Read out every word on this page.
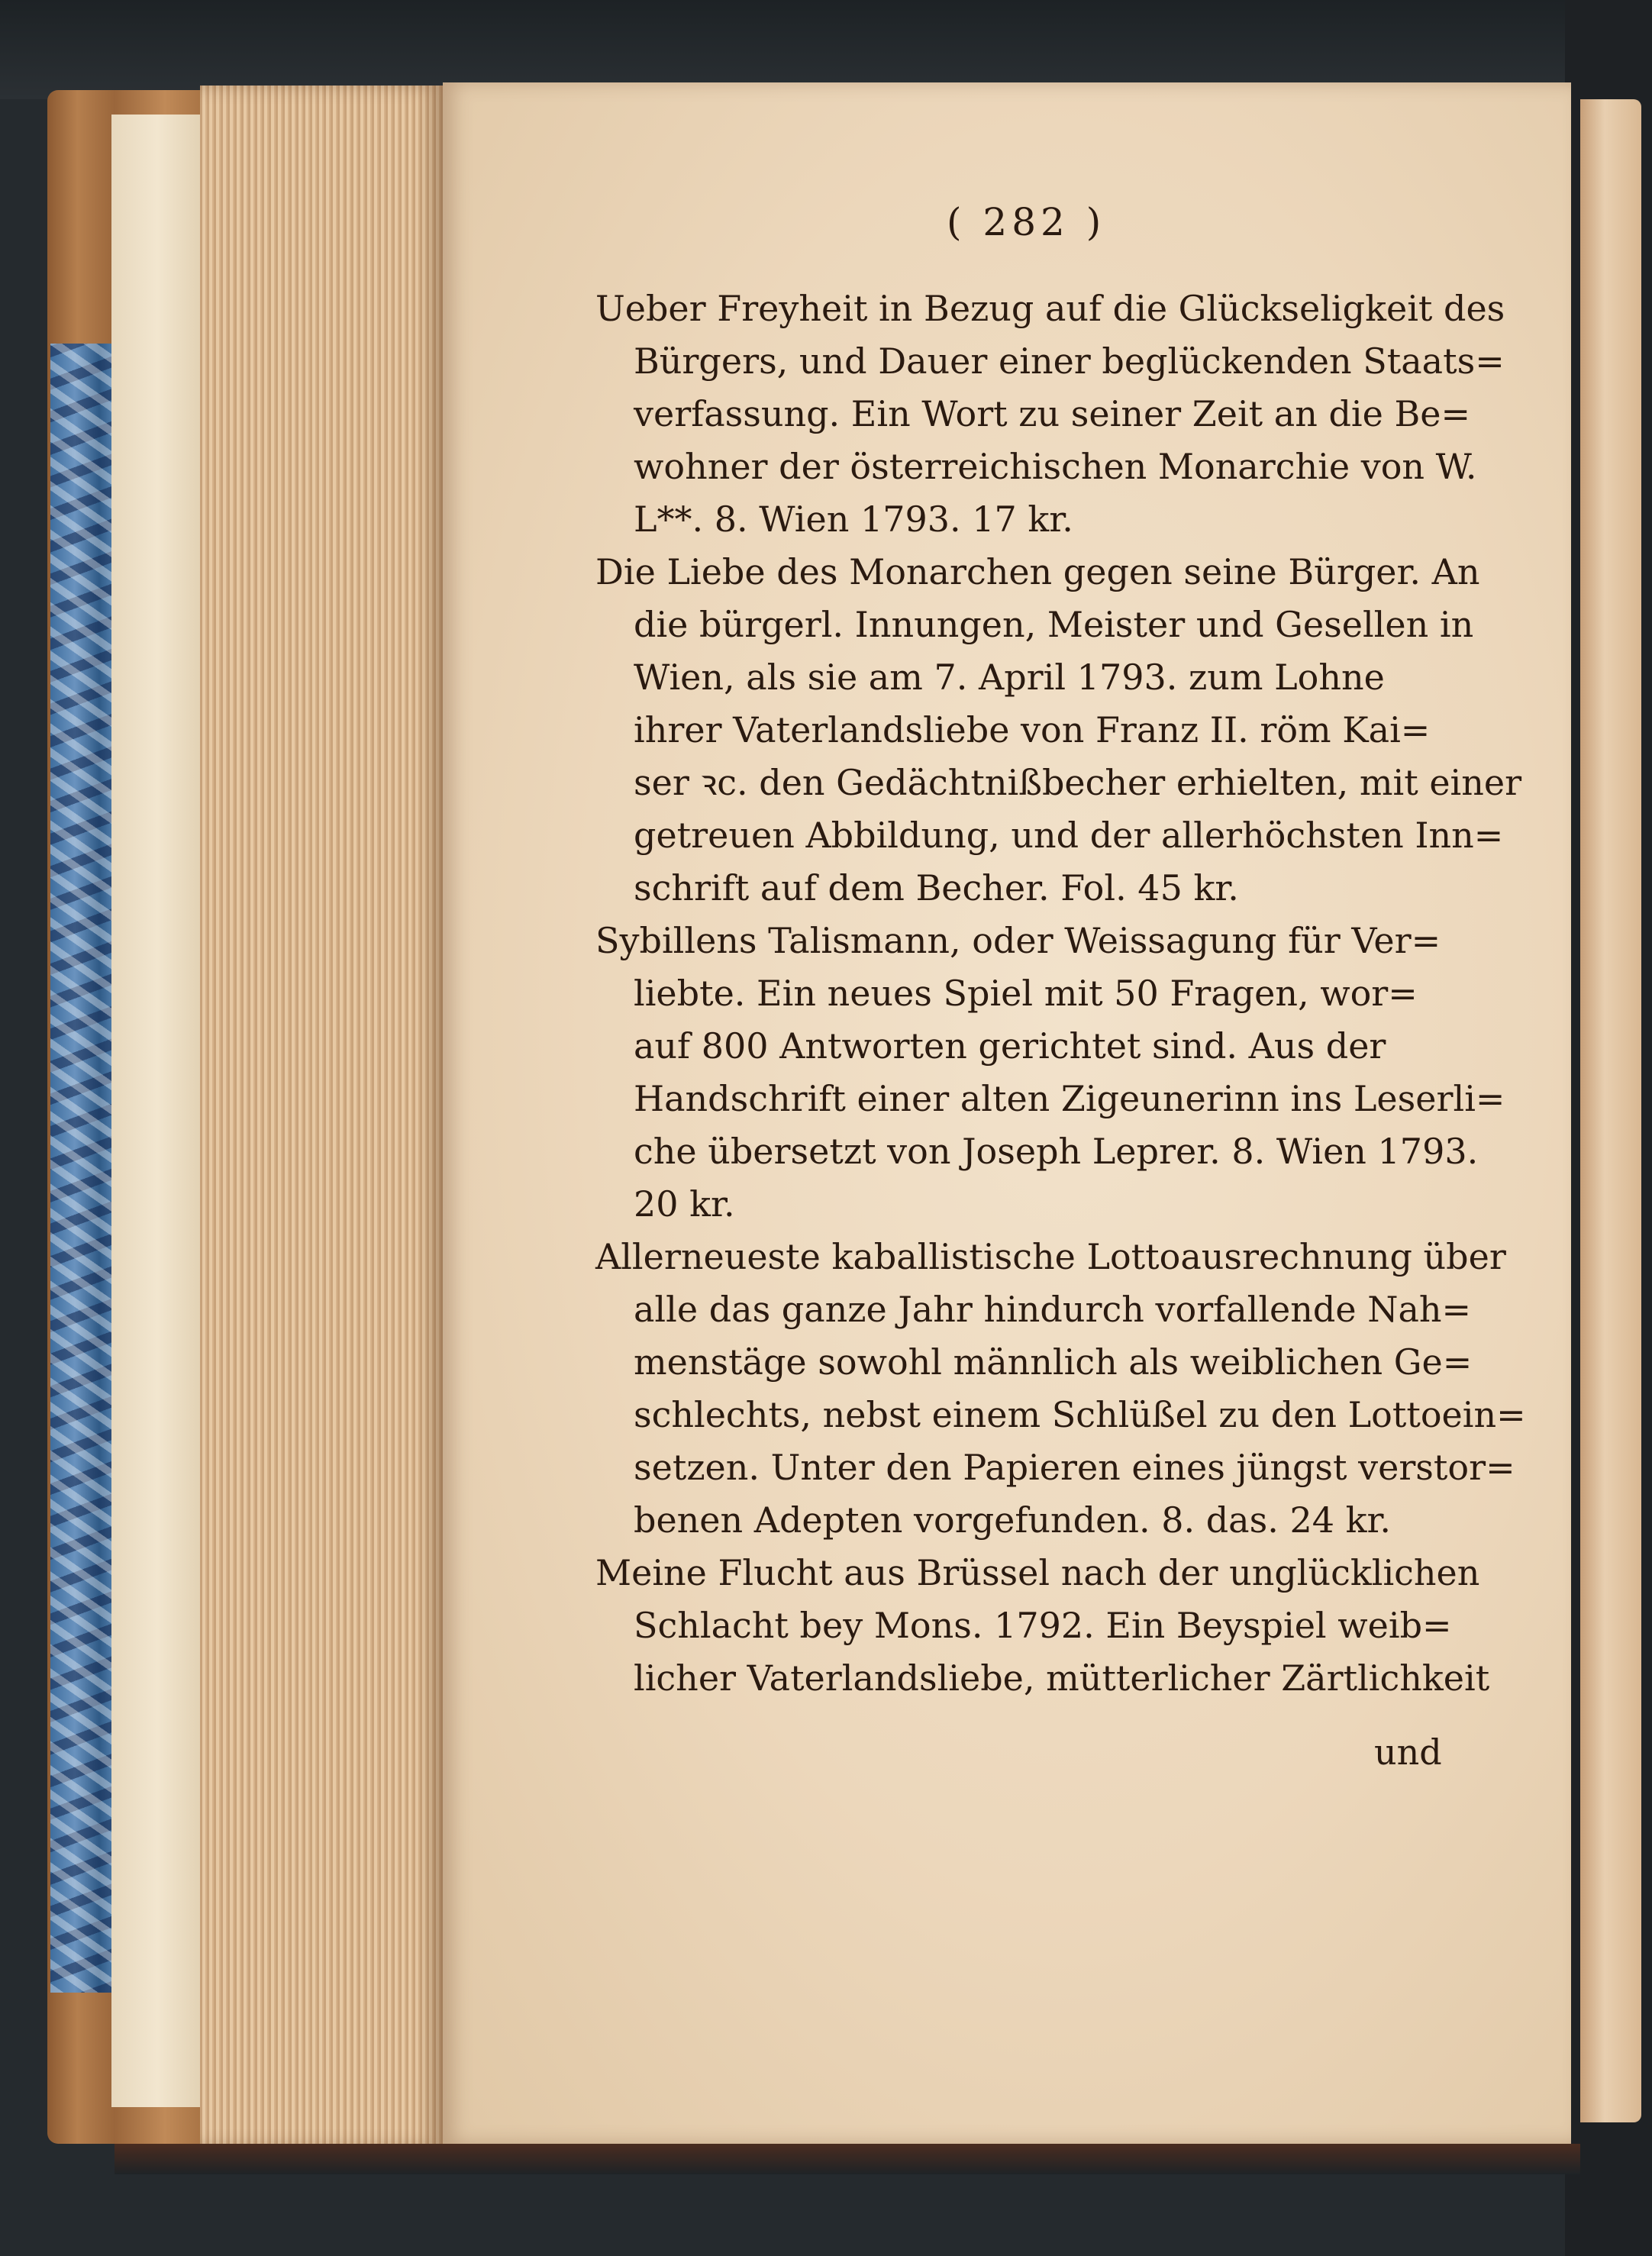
( 282 )
Ueber Freyheit in Bezug auf die Glückseligkeit des
Bürgers, und Dauer einer beglückenden Staats=
verfassung. Ein Wort zu seiner Zeit an die Be=
wohner der österreichischen Monarchie von W.
L**. 8. Wien 1793. 17 kr.
Die Liebe des Monarchen gegen seine Bürger. An
die bürgerl. Innungen, Meister und Gesellen in
Wien, als sie am 7. April 1793. zum Lohne
ihrer Vaterlandsliebe von Franz II. röm Kai=
ser ꝛc. den Gedächtnißbecher erhielten, mit einer
getreuen Abbildung, und der allerhöchsten Inn=
schrift auf dem Becher. Fol. 45 kr.
Sybillens Talismann, oder Weissagung für Ver=
liebte. Ein neues Spiel mit 50 Fragen, wor=
auf 800 Antworten gerichtet sind. Aus der
Handschrift einer alten Zigeunerinn ins Leserli=
che übersetzt von Joseph Leprer. 8. Wien 1793.
20 kr.
Allerneueste kaballistische Lottoausrechnung über
alle das ganze Jahr hindurch vorfallende Nah=
menstäge sowohl männlich als weiblichen Ge=
schlechts, nebst einem Schlüßel zu den Lottoein=
setzen. Unter den Papieren eines jüngst verstor=
benen Adepten vorgefunden. 8. das. 24 kr.
Meine Flucht aus Brüssel nach der unglücklichen
Schlacht bey Mons. 1792. Ein Beyspiel weib=
licher Vaterlandsliebe, mütterlicher Zärtlichkeit
und
